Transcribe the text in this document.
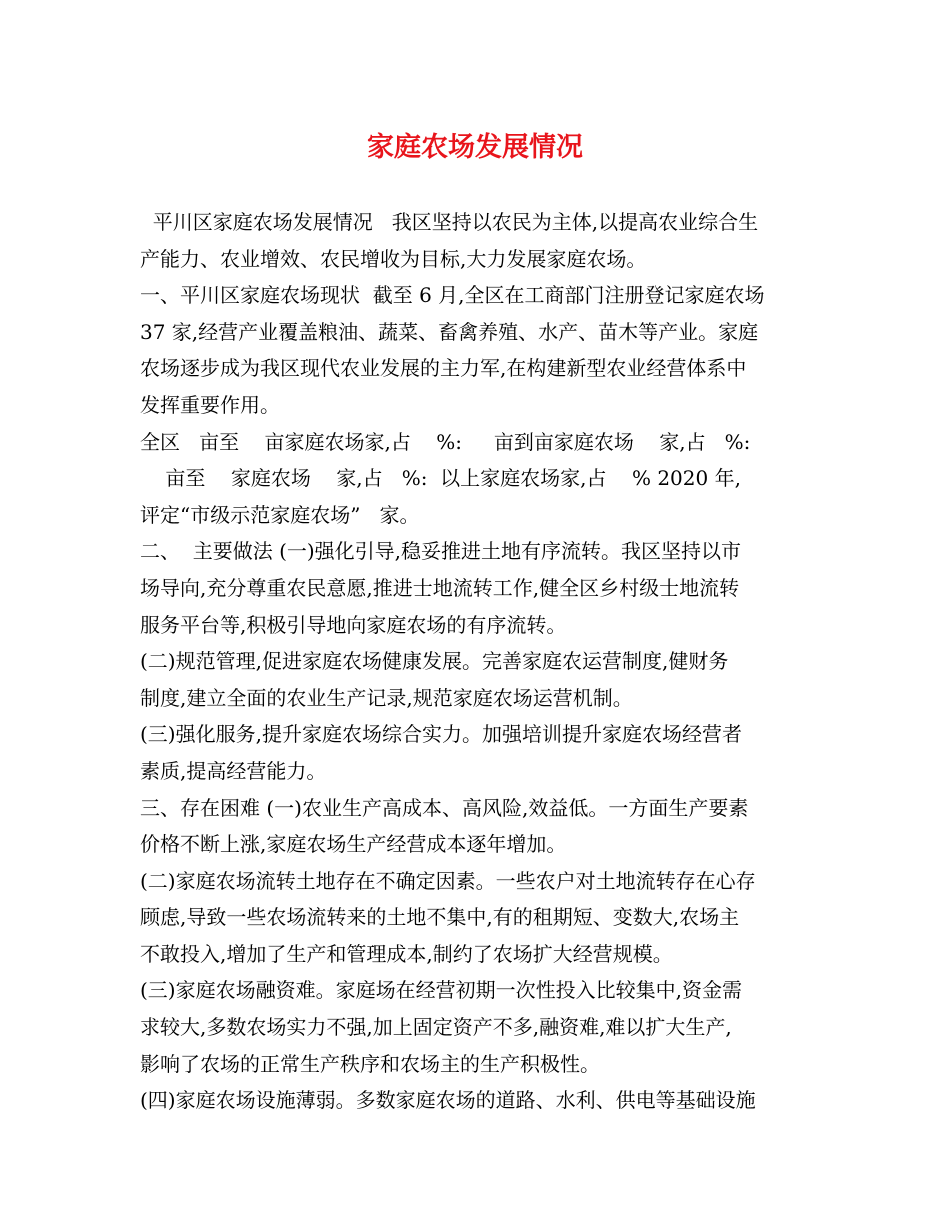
家庭农场发展情况
平川区家庭农场发展情况   我区坚持以农民为主体,以提高农业综合生
产能力、农业增效、农民增收为目标,大力发展家庭农场。
一、平川区家庭农场现状  截至 6 月,全区在工商部门注册登记家庭农场
37 家,经营产业覆盖粮油、蔬菜、畜禽养殖、水产、苗木等产业。家庭
农场逐步成为我区现代农业发展的主力军,在构建新型农业经营体系中
发挥重要作用。
全区   亩至    亩家庭农场家,占    %:     亩到亩家庭农场    家,占   %:
亩至    家庭农场    家,占   %:  以上家庭农场家,占    % 2020 年,
评定“市级示范家庭农场”   家。
二、  主要做法 (一)强化引导,稳妥推进土地有序流转。我区坚持以市
场导向,充分尊重农民意愿,推进士地流转工作,健全区乡村级士地流转
服务平台等,积极引导地向家庭农场的有序流转。
(二)规范管理,促进家庭农场健康发展。完善家庭农运营制度,健财务
制度,建立全面的农业生产记录,规范家庭农场运营机制。
(三)强化服务,提升家庭农场综合实力。加强培训提升家庭农场经营者
素质,提高经营能力。
三、存在困难 (一)农业生产高成本、高风险,效益低。一方面生产要素
价格不断上涨,家庭农场生产经营成本逐年增加。
(二)家庭农场流转土地存在不确定因素。一些农户对土地流转存在心存
顾虑,导致一些农场流转来的土地不集中,有的租期短、变数大,农场主
不敢投入,增加了生产和管理成本,制约了农场扩大经营规模。
(三)家庭农场融资难。家庭场在经营初期一次性投入比较集中,资金需
求较大,多数农场实力不强,加上固定资产不多,融资难,难以扩大生产,
影响了农场的正常生产秩序和农场主的生产积极性。
(四)家庭农场设施薄弱。多数家庭农场的道路、水利、供电等基础设施
